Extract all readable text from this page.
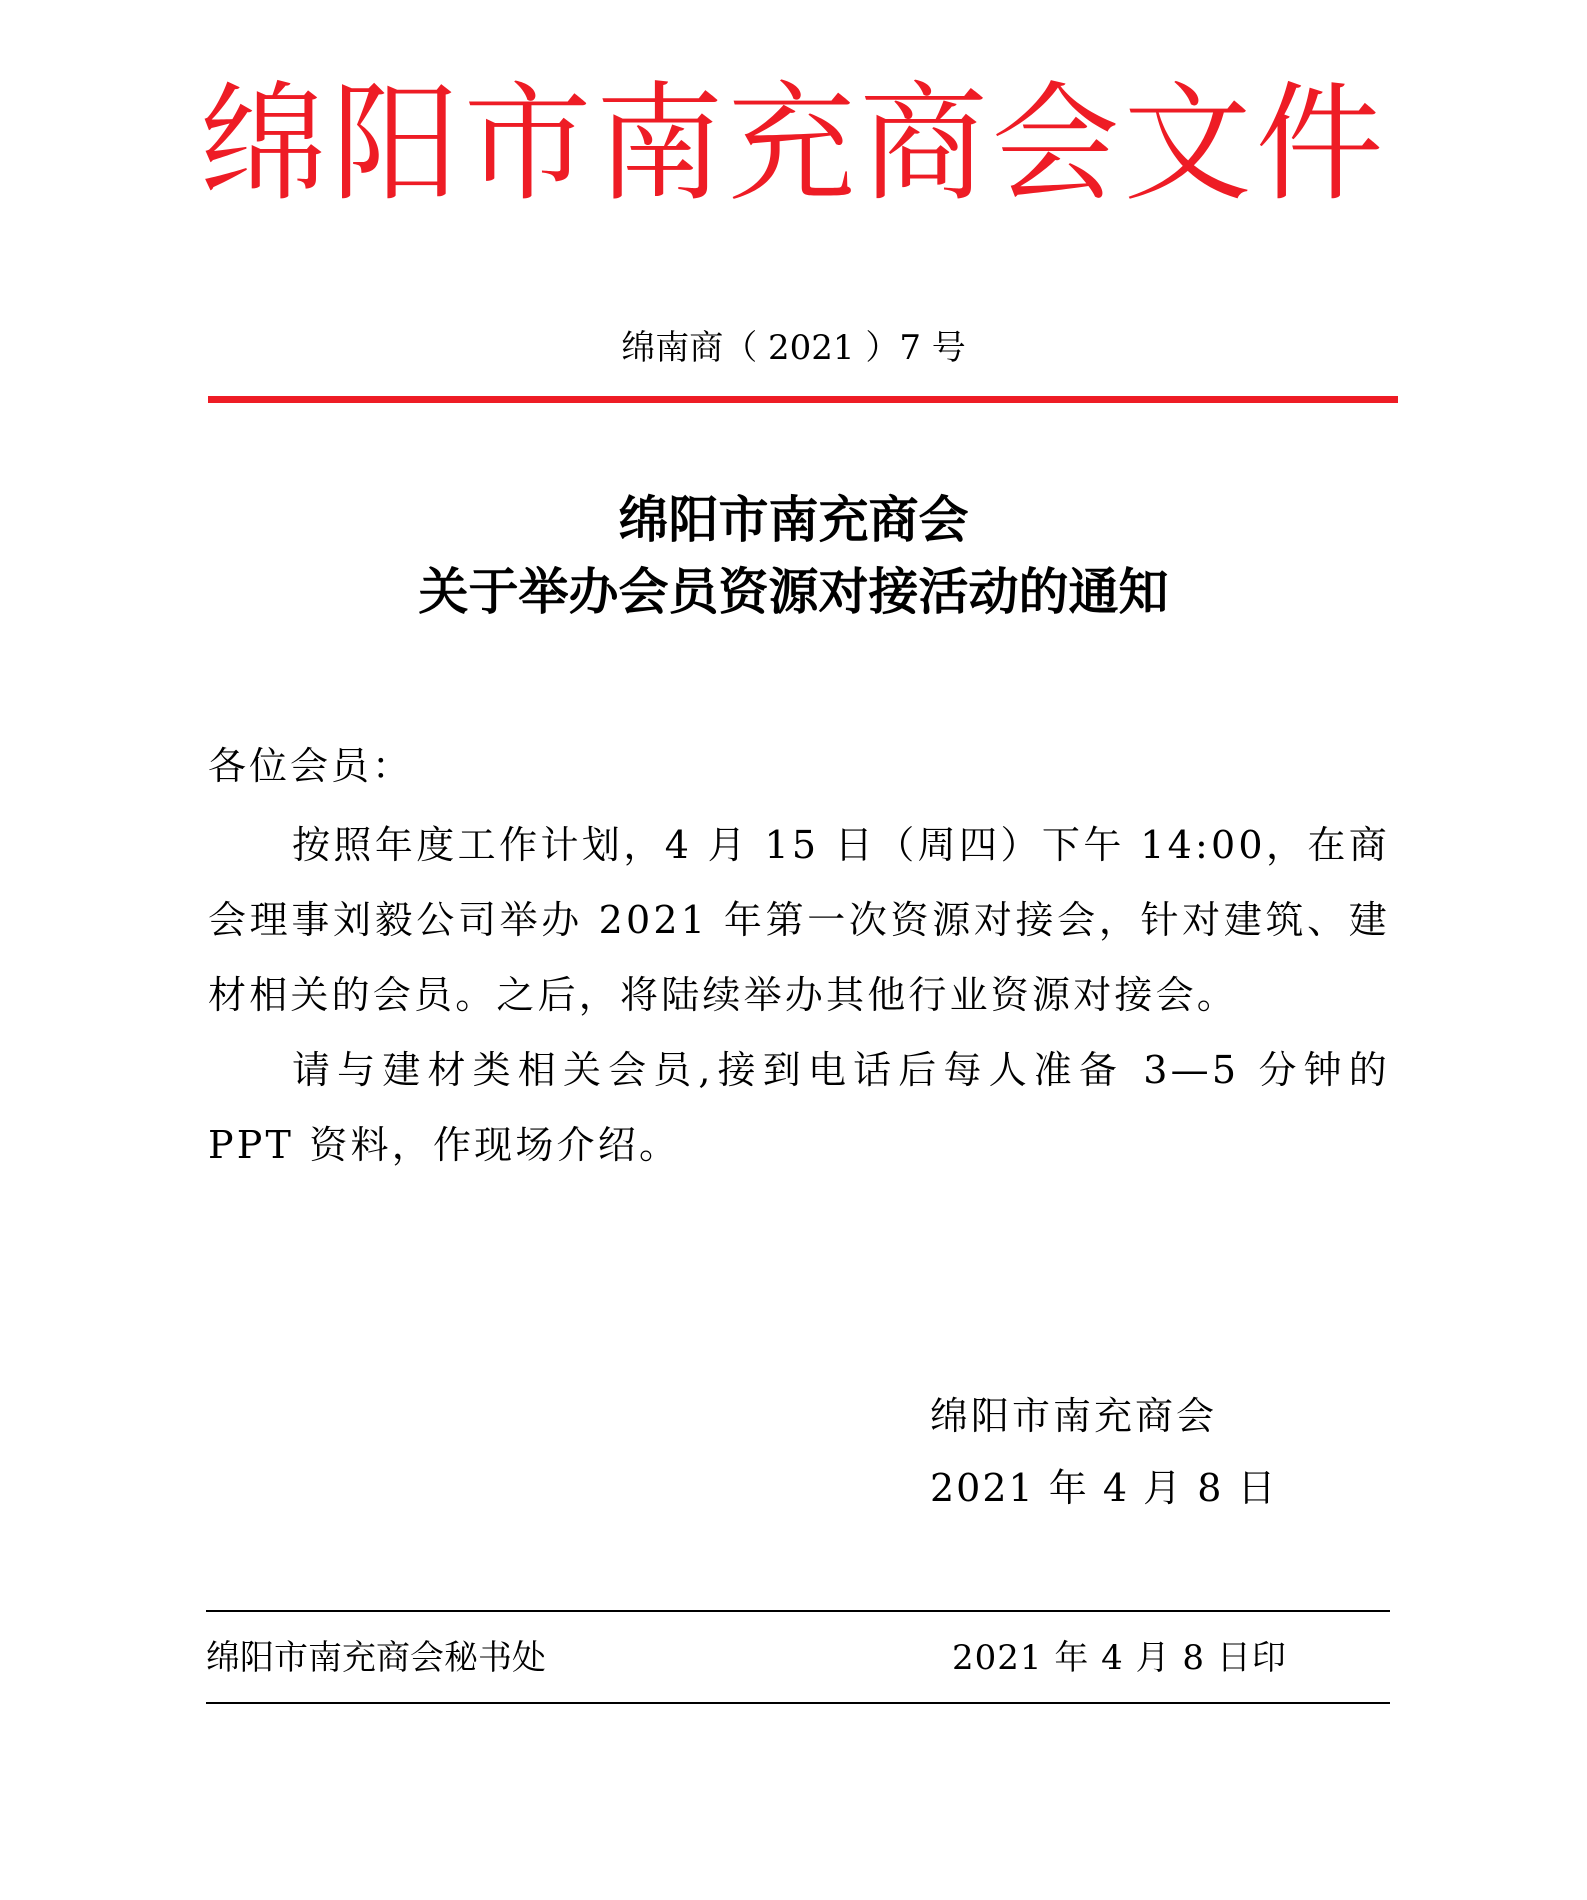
绵阳市南充商会文件
绵南商（ 2021 ）7 号
绵阳市南充商会
关于举办会员资源对接活动的通知
各位会员：

按照年度工作计划，4 月 15 日（周四）下午 14:00，在商会理事刘毅公司举办 2021 年第一次资源对接会，针对建筑、建材相关的会员。之后，将陆续举办其他行业资源对接会。

请与建材类相关会员,接到电话后每人准备 3—5 分钟的 PPT 资料，作现场介绍。

绵阳市南充商会
2021 年 4 月 8 日
绵阳市南充商会秘书处	2021 年 4 月 8 日印
